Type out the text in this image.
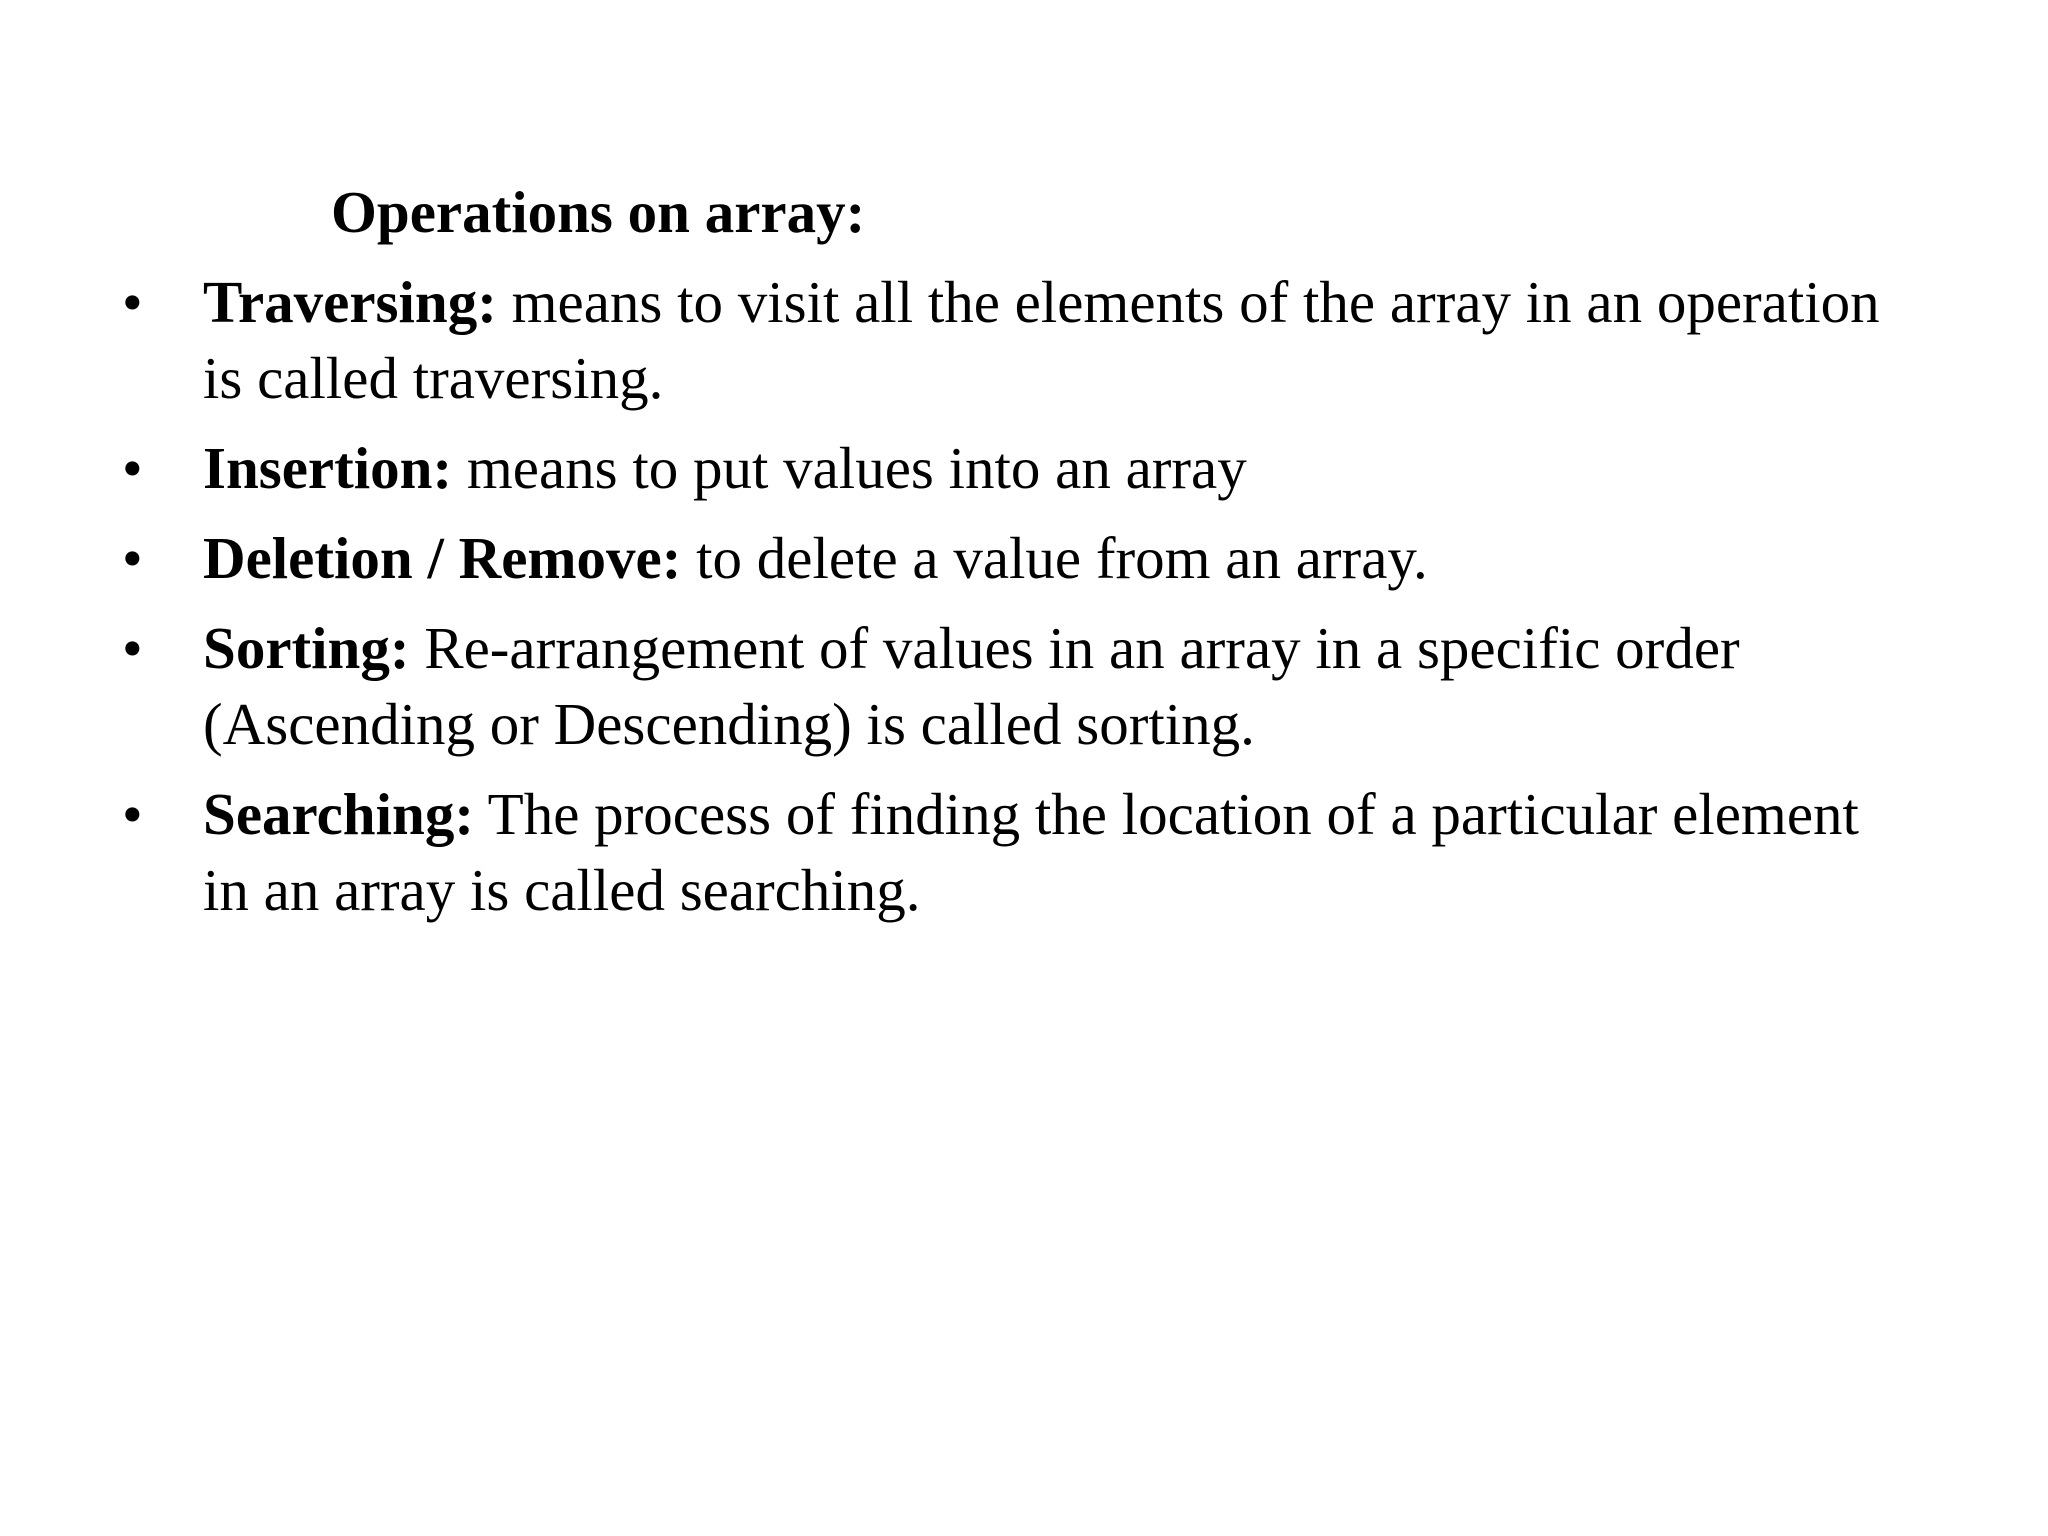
Operations on array:
• Traversing: means to visit all the elements of the array in an operation is called traversing.
• Insertion: means to put values into an array
• Deletion / Remove: to delete a value from an array.
• Sorting: Re-arrangement of values in an array in a specific order (Ascending or Descending) is called sorting.
• Searching: The process of finding the location of a particular element in an array is called searching.
